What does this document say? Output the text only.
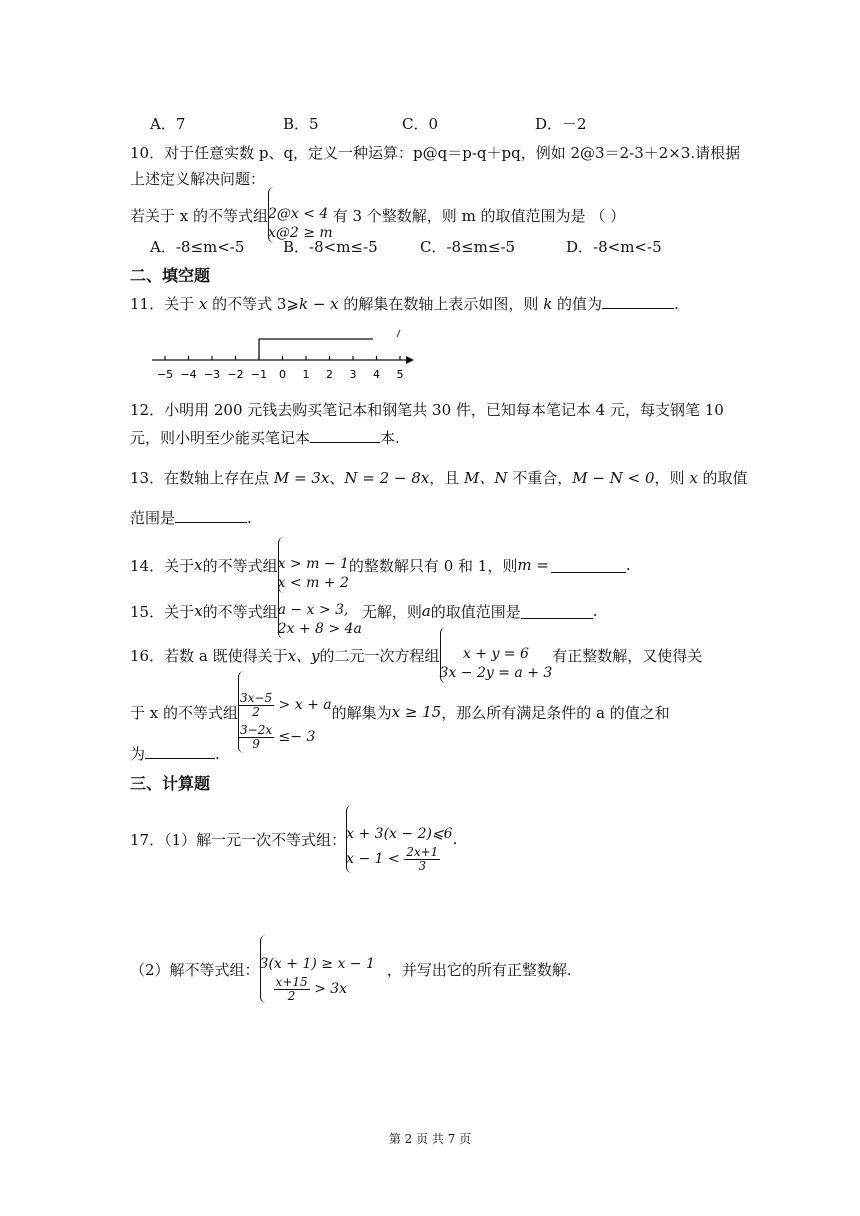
A．7	B．5	C．0	D．－2
10．对于任意实数 p、q，定义一种运算：p@q＝p-q＋pq，例如 2@3＝2-3＋2×3.请根据
上述定义解决问题：
若关于 x 的不等式组 2@x < 4
x@2 ≥ m
有 3 个整数解，则 m 的取值范围为是 （ ）
A．-8≤m<-5	B．-8<m≤-5	C．-8≤m≤-5	D．-8<m<-5
二、填空题
11．关于 x 的不等式 3⩾k − x 的解集在数轴上表示如图，则 k 的值为	.
−5 −4 −3 −2 −1 0 1 2 3 4 5
12．小明用 200 元钱去购买笔记本和钢笔共 30 件，已知每本笔记本 4 元，每支钢笔 10
元，则小明至少能买笔记本	本.
13．在数轴上存在点 M = 3x、N = 2 − 8x，且 M、N 不重合，M − N < 0，则 x 的取值
范围是	.
14．关于 x 的不等式组 x > m − 1
x < m + 2
的整数解只有 0 和 1，则 m =	.
15．关于 x 的不等式组 a − x > 3,
2x + 8 > 4a
无解，则 a 的取值范围是	.
16．若数 a 既使得关于 x、y 的二元一次方程组	x + y = 6
3x − 2y = a + 3
有正整数解，又使得关
于 x 的不等式组 $\frac{3x-5}{2} > x + a$
$\frac{3-2x}{9} \le- 3$
的解集为 x ≥ 15 ，那么所有满足条件的 a 的值之和
为	.
三、计算题
17．（1）解一元一次不等式组： x + 3(x − 2)⩽6
$x - 1 < \frac{2x+1}{3}$
.
（2）解不等式组： 3(x + 1) ≥ x − 1
$\frac{x+15}{2} > 3x$
，并写出它的所有正整数解.
第 2 页 共 7 页
